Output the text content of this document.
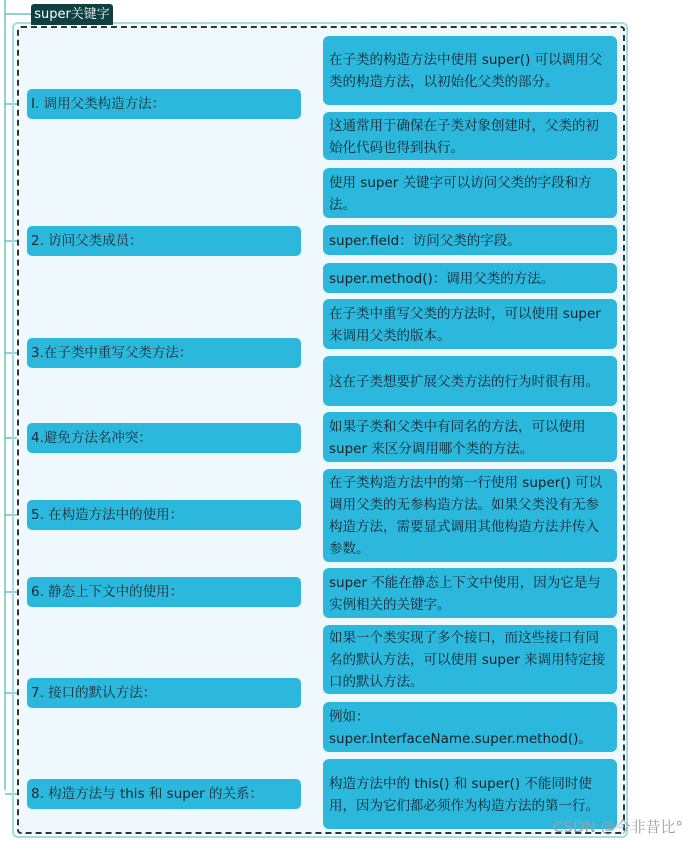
super关键字
I. 调用父类构造方法：
在子类的构造方法中使用 super() 可以调用父类的构造方法，以初始化父类的部分。
这通常用于确保在子类对象创建时，父类的初始化代码也得到执行。
2. 访问父类成员：
使用 super 关键字可以访问父类的字段和方法。
super.field：访问父类的字段。
super.method()：调用父类的方法。
3.在子类中重写父类方法：
在子类中重写父类的方法时，可以使用 super 来调用父类的版本。
这在子类想要扩展父类方法的行为时很有用。
4.避免方法名冲突：
如果子类和父类中有同名的方法，可以使用 super 来区分调用哪个类的方法。
5. 在构造方法中的使用：
在子类构造方法中的第一行使用 super() 可以调用父类的无参构造方法。如果父类没有无参构造方法，需要显式调用其他构造方法并传入参数。
6. 静态上下文中的使用：
super 不能在静态上下文中使用，因为它是与实例相关的关键字。
7. 接口的默认方法：
如果一个类实现了多个接口，而这些接口有同名的默认方法，可以使用 super 来调用特定接口的默认方法。
例如：super.InterfaceName.super.method()。
8. 构造方法与 this 和 super 的关系：
构造方法中的 this() 和 super() 不能同时使用，因为它们都必须作为构造方法的第一行。
CSDN @今非昔比°
